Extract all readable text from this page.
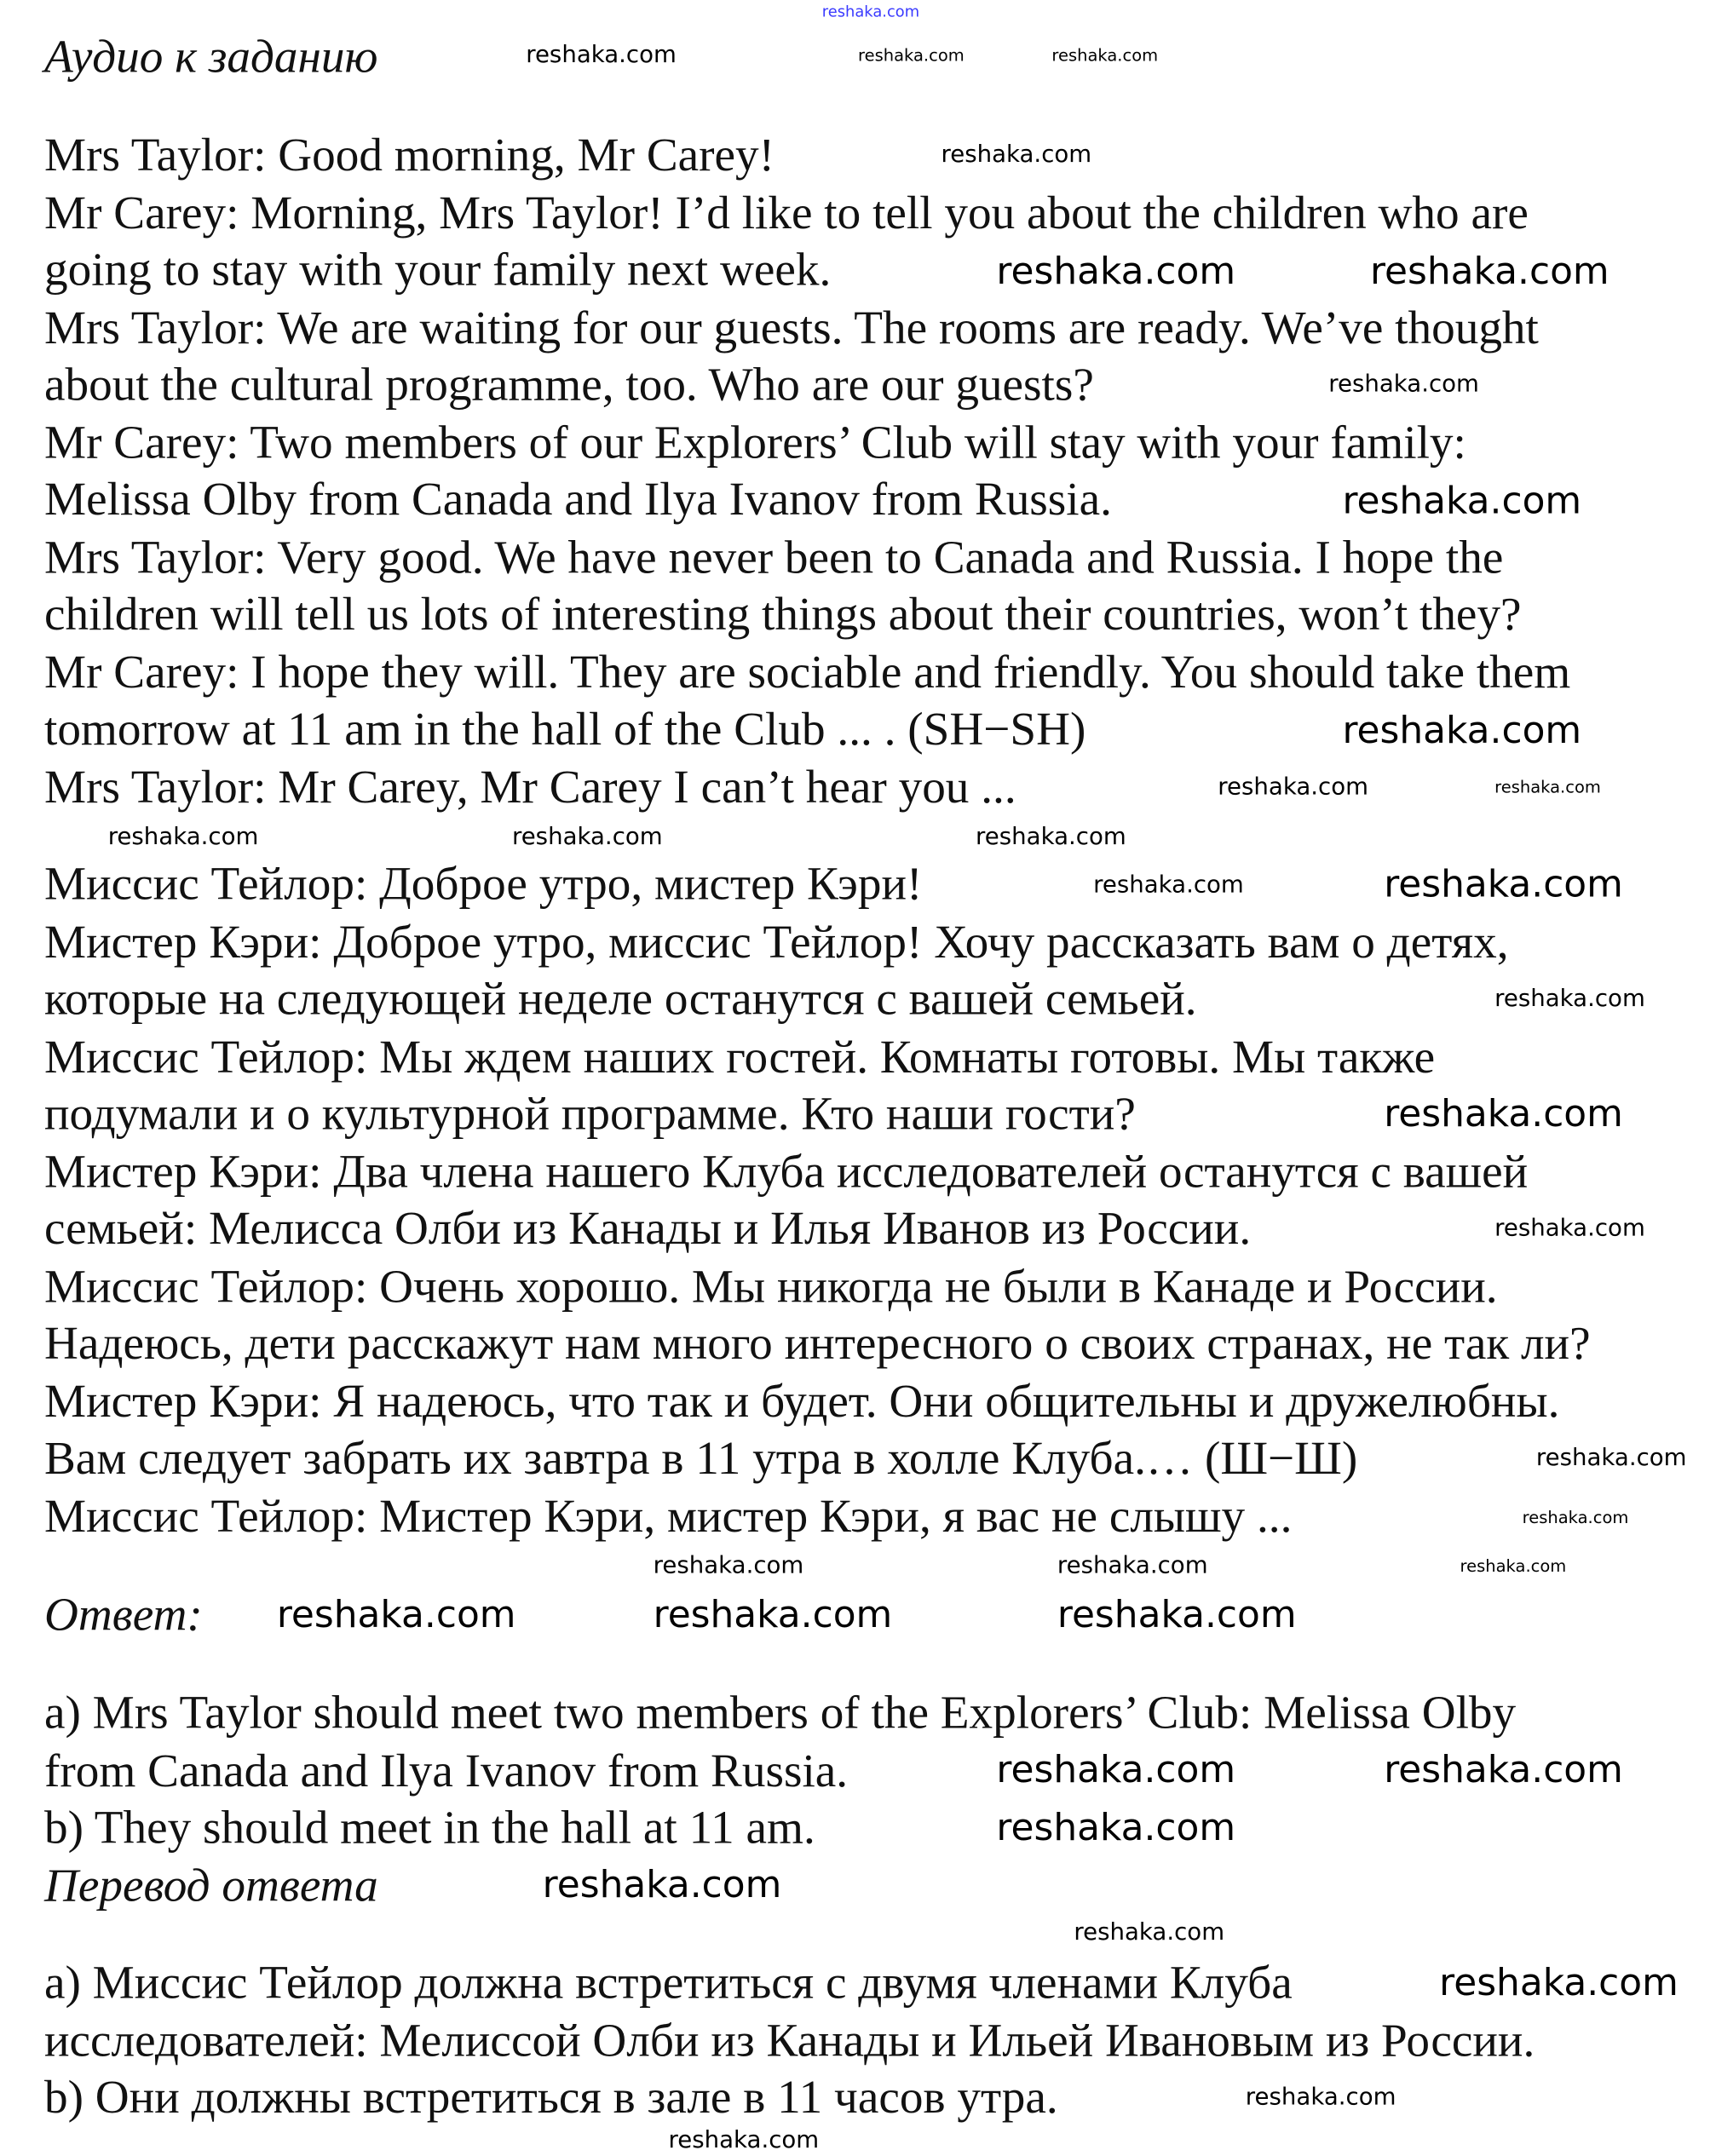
Аудио к заданию
Mrs Taylor: Good morning, Mr Carey!
Mr Carey: Morning, Mrs Taylor! I’d like to tell you about the children who are
going to stay with your family next week.
Mrs Taylor: We are waiting for our guests. The rooms are ready. We’ve thought
about the cultural programme, too. Who are our guests?
Mr Carey: Two members of our Explorers’ Club will stay with your family:
Melissa Olby from Canada and Ilya Ivanov from Russia.
Mrs Taylor: Very good. We have never been to Canada and Russia. I hope the
children will tell us lots of interesting things about their countries, won’t they?
Mr Carey: I hope they will. They are sociable and friendly. You should take them
tomorrow at 11 am in the hall of the Club ... . (SH−SH)
Mrs Taylor: Mr Carey, Mr Carey I can’t hear you ...
Миссис Тейлор: Доброе утро, мистер Кэри!
Мистер Кэри: Доброе утро, миссис Тейлор! Хочу рассказать вам о детях,
которые на следующей неделе останутся с вашей семьей.
Миссис Тейлор: Мы ждем наших гостей. Комнаты готовы. Мы также
подумали и о культурной программе. Кто наши гости?
Мистер Кэри: Два члена нашего Клуба исследователей останутся с вашей
семьей: Мелисса Олби из Канады и Илья Иванов из России.
Миссис Тейлор: Очень хорошо. Мы никогда не были в Канаде и России.
Надеюсь, дети расскажут нам много интересного о своих странах, не так ли?
Мистер Кэри: Я надеюсь, что так и будет. Они общительны и дружелюбны.
Вам следует забрать их завтра в 11 утра в холле Клуба.… (Ш−Ш)
Миссис Тейлор: Мистер Кэри, мистер Кэри, я вас не слышу ...
Ответ:
a) Mrs Taylor should meet two members of the Explorers’ Club: Melissa Olby
from Canada and Ilya Ivanov from Russia.
b) They should meet in the hall at 11 am.
Перевод ответа
a) Миссис Тейлор должна встретиться с двумя членами Клуба
исследователей: Мелиссой Олби из Канады и Ильей Ивановым из России.
b) Они должны встретиться в зале в 11 часов утра.
reshaka.com
reshaka.com	reshaka.com	reshaka.com
reshaka.com
reshaka.com	reshaka.com
reshaka.com
reshaka.com
reshaka.com
reshaka.com	reshaka.com
reshaka.com	reshaka.com	reshaka.com
reshaka.com	reshaka.com
reshaka.com
reshaka.com
reshaka.com
reshaka.com
reshaka.com
reshaka.com	reshaka.com	reshaka.com
reshaka.com	reshaka.com	reshaka.com
reshaka.com	reshaka.com
reshaka.com
reshaka.com
reshaka.com
reshaka.com
reshaka.com
reshaka.com
